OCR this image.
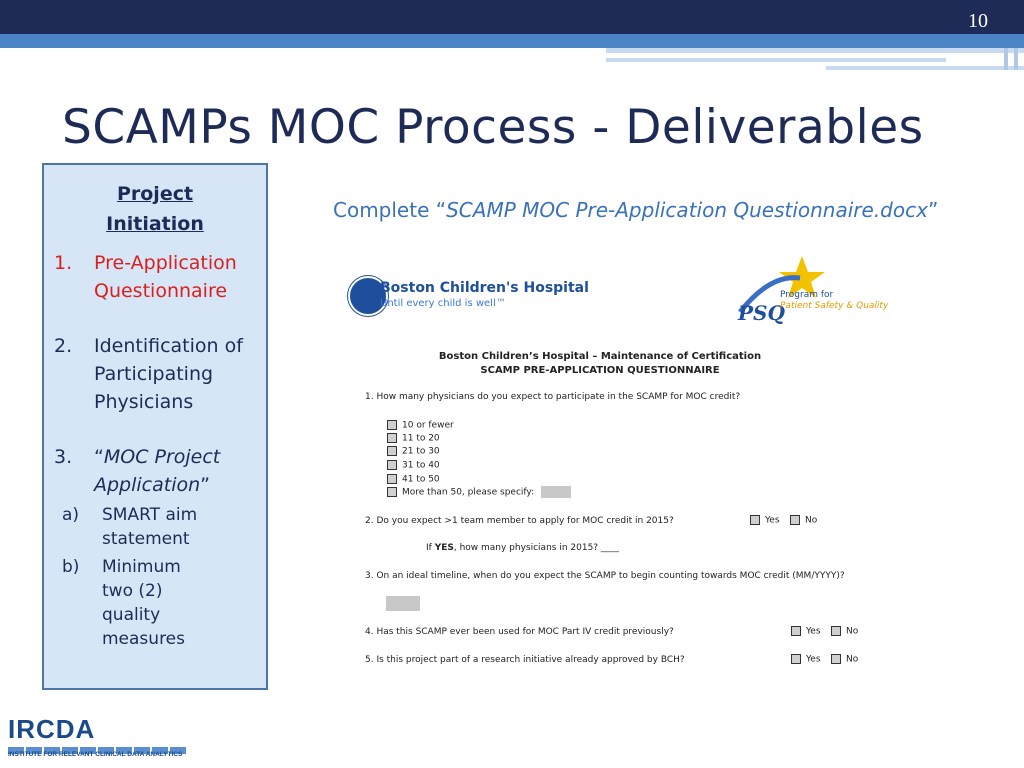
10
SCAMPs MOC Process - Deliverables
Project
Initiation
1. Pre-Application
Questionnaire
2. Identification of
Participating
Physicians
3. “MOC Project
Application”
a) SMART aim
statement
b) Minimum
two (2)
quality
measures
Complete “SCAMP MOC Pre-Application Questionnaire.docx”
Boston Children's Hospital
Until every child is well™	PSQ
Program for
Patient Safety & Quality
Boston Children’s Hospital – Maintenance of Certification
SCAMP PRE-APPLICATION QUESTIONNAIRE
1. How many physicians do you expect to participate in the SCAMP for MOC credit?
10 or fewer
11 to 20
21 to 30
31 to 40
41 to 50
More than 50, please specify:
2. Do you expect >1 team member to apply for MOC credit in 2015?	Yes	No
If YES, how many physicians in 2015? ____
3. On an ideal timeline, when do you expect the SCAMP to begin counting towards MOC credit (MM/YYYY)?
4. Has this SCAMP ever been used for MOC Part IV credit previously?	Yes	No
5. Is this project part of a research initiative already approved by BCH?	Yes	No
IRCDA
INSTITUTE FOR RELEVANT CLINICAL DATA ANALYTICS
